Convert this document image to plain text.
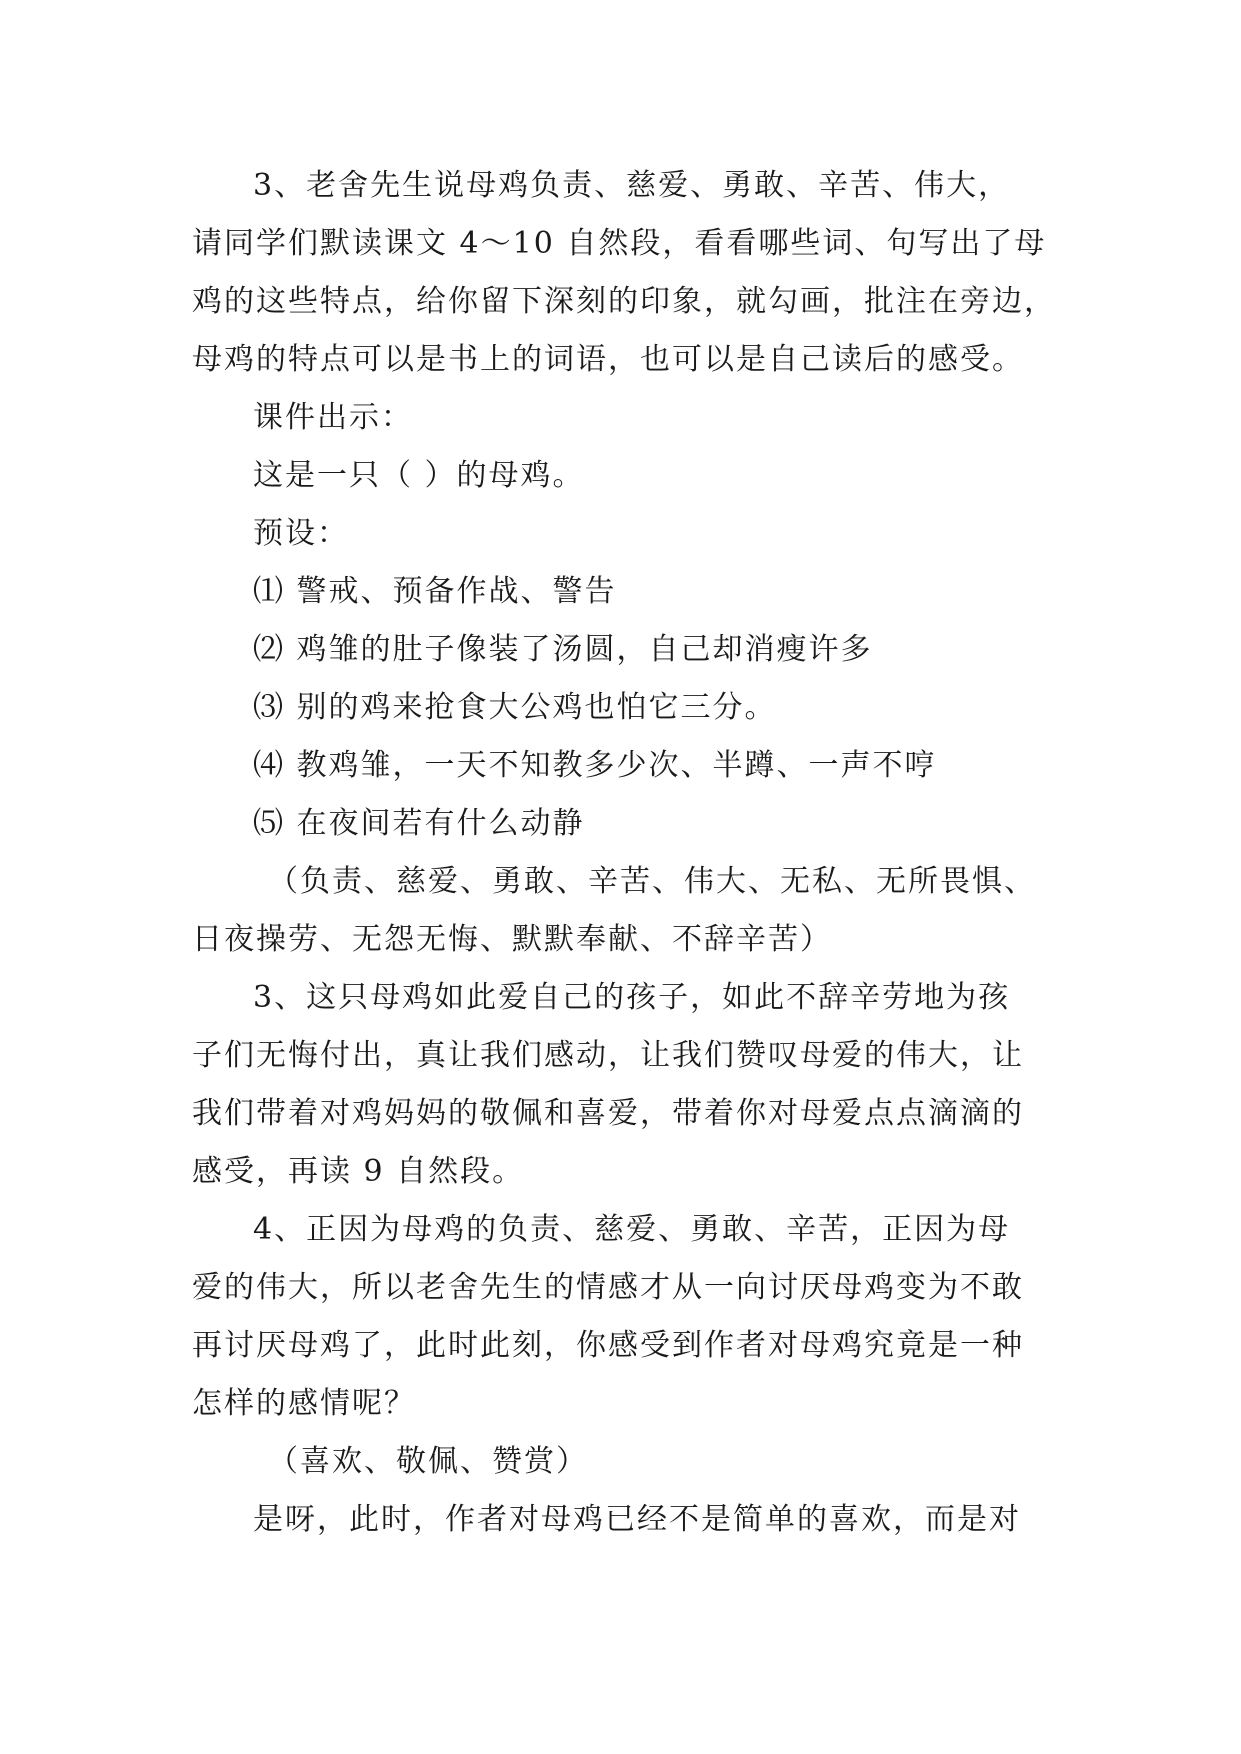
3、老舍先生说母鸡负责、慈爱、勇敢、辛苦、伟大，
请同学们默读课文 4～10 自然段，看看哪些词、句写出了母
鸡的这些特点，给你留下深刻的印象，就勾画，批注在旁边，
母鸡的特点可以是书上的词语，也可以是自己读后的感受。
课件出示：
这是一只（ ）的母鸡。
预设：
⑴ 警戒、预备作战、警告
⑵ 鸡雏的肚子像装了汤圆，自己却消瘦许多
⑶ 别的鸡来抢食大公鸡也怕它三分。
⑷ 教鸡雏，一天不知教多少次、半蹲、一声不哼
⑸ 在夜间若有什么动静
（负责、慈爱、勇敢、辛苦、伟大、无私、无所畏惧、
日夜操劳、无怨无悔、默默奉献、不辞辛苦）
3、这只母鸡如此爱自己的孩子，如此不辞辛劳地为孩
子们无悔付出，真让我们感动，让我们赞叹母爱的伟大，让
我们带着对鸡妈妈的敬佩和喜爱，带着你对母爱点点滴滴的
感受，再读 9 自然段。
4、正因为母鸡的负责、慈爱、勇敢、辛苦，正因为母
爱的伟大，所以老舍先生的情感才从一向讨厌母鸡变为不敢
再讨厌母鸡了，此时此刻，你感受到作者对母鸡究竟是一种
怎样的感情呢？
（喜欢、敬佩、赞赏）
是呀，此时，作者对母鸡已经不是简单的喜欢，而是对
